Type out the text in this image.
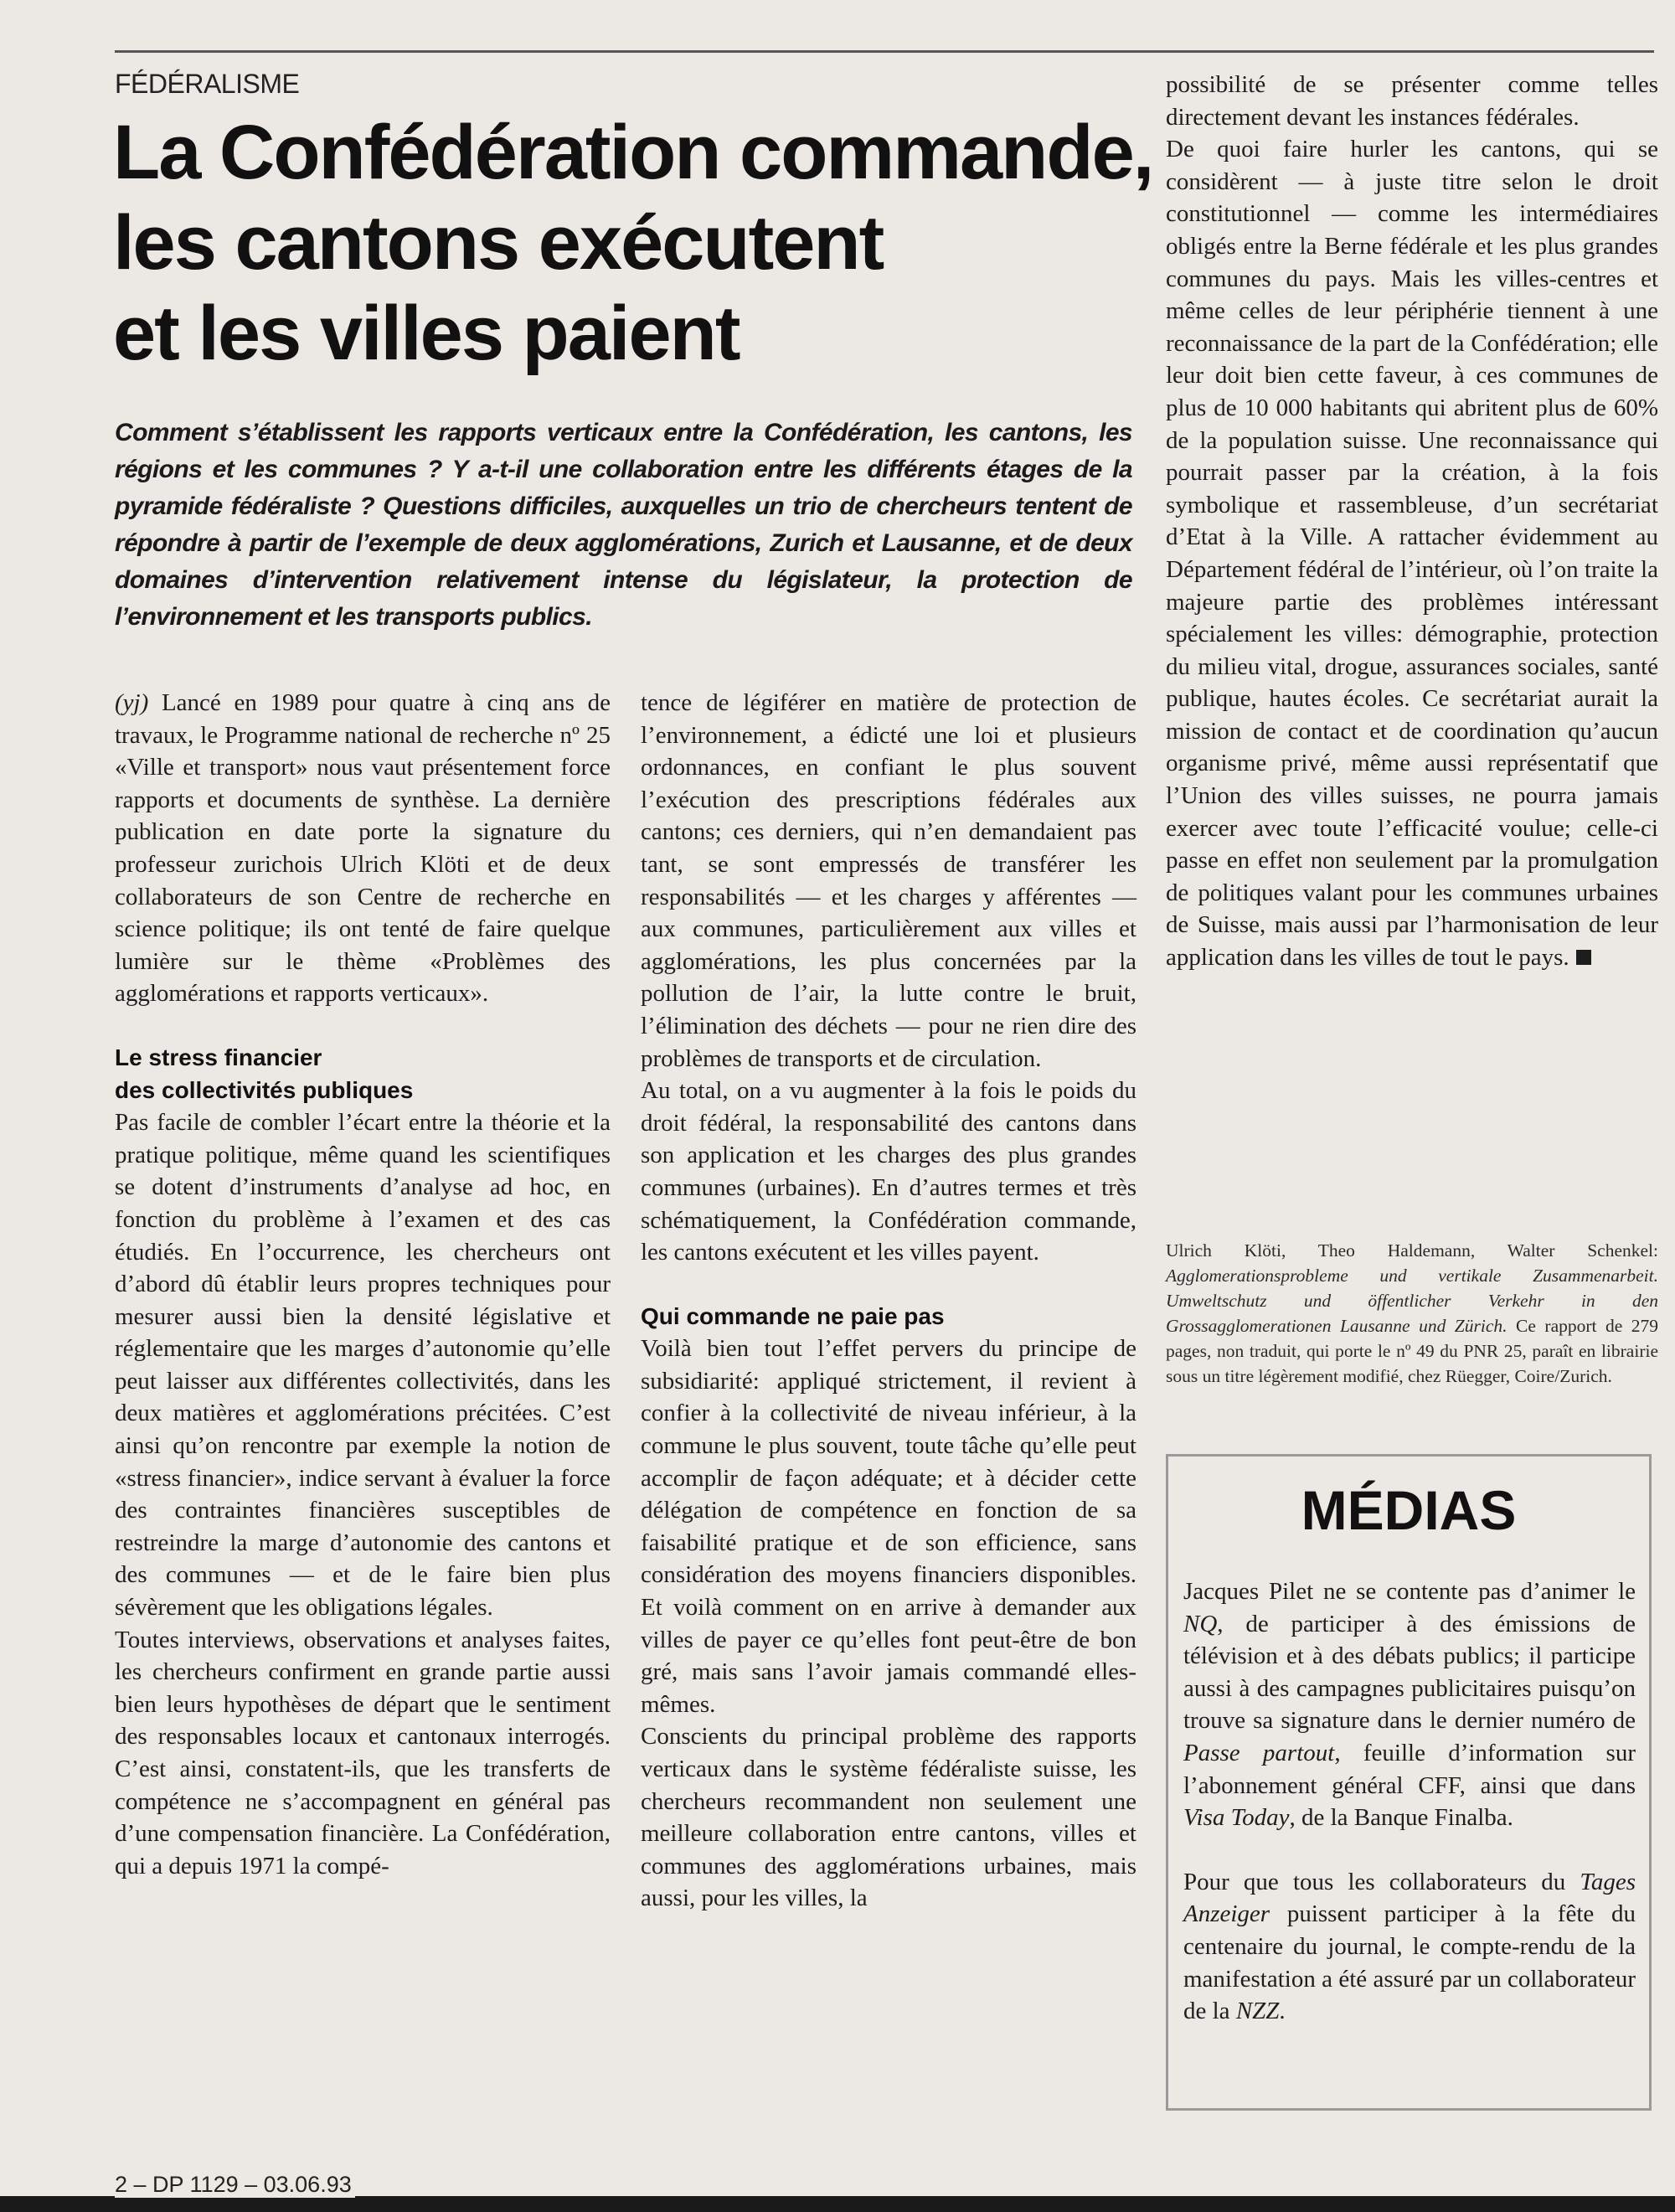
FÉDÉRALISME
La Confédération commande,
les cantons exécutent
et les villes paient

Comment s’établissent les rapports verticaux entre la Confédération, les cantons, les régions et les communes ? Y a-t-il une collaboration entre les différents étages de la pyramide fédéraliste ? Questions difficiles, auxquelles un trio de chercheurs tentent de répondre à partir de l’exemple de deux agglomérations, Zurich et Lausanne, et de deux domaines d’intervention relativement intense du législateur, la protection de l’environnement et les transports publics.

(yj) Lancé en 1989 pour quatre à cinq ans de travaux, le Programme national de recherche nº 25 «Ville et transport» nous vaut présentement force rapports et documents de synthèse. La dernière publication en date porte la signature du professeur zurichois Ulrich Klöti et de deux collaborateurs de son Centre de recherche en science politique; ils ont tenté de faire quelque lumière sur le thème «Problèmes des agglomérations et rapports verticaux».

Le stress financier
des collectivités publiques

Pas facile de combler l’écart entre la théorie et la pratique politique, même quand les scientifiques se dotent d’instruments d’analyse ad hoc, en fonction du problème à l’examen et des cas étudiés. En l’occurrence, les chercheurs ont d’abord dû établir leurs propres techniques pour mesurer aussi bien la densité législative et réglementaire que les marges d’autonomie qu’elle peut laisser aux différentes collectivités, dans les deux matières et agglomérations précitées. C’est ainsi qu’on rencontre par exemple la notion de «stress financier», indice servant à évaluer la force des contraintes financières susceptibles de restreindre la marge d’autonomie des cantons et des communes — et de le faire bien plus sévèrement que les obligations légales.

Toutes interviews, observations et analyses faites, les chercheurs confirment en grande partie aussi bien leurs hypothèses de départ que le sentiment des responsables locaux et cantonaux interrogés. C’est ainsi, constatent-ils, que les transferts de compétence ne s’accompagnent en général pas d’une compensation financière. La Confédération, qui a depuis 1971 la compé-

tence de légiférer en matière de protection de l’environnement, a édicté une loi et plusieurs ordonnances, en confiant le plus souvent l’exécution des prescriptions fédérales aux cantons; ces derniers, qui n’en demandaient pas tant, se sont empressés de transférer les responsabilités — et les charges y afférentes — aux communes, particulièrement aux villes et agglomérations, les plus concernées par la pollution de l’air, la lutte contre le bruit, l’élimination des déchets — pour ne rien dire des problèmes de transports et de circulation.

Au total, on a vu augmenter à la fois le poids du droit fédéral, la responsabilité des cantons dans son application et les charges des plus grandes communes (urbaines). En d’autres termes et très schématiquement, la Confédération commande, les cantons exécutent et les villes payent.

Qui commande ne paie pas

Voilà bien tout l’effet pervers du principe de subsidiarité: appliqué strictement, il revient à confier à la collectivité de niveau inférieur, à la commune le plus souvent, toute tâche qu’elle peut accomplir de façon adéquate; et à décider cette délégation de compétence en fonction de sa faisabilité pratique et de son efficience, sans considération des moyens financiers disponibles. Et voilà comment on en arrive à demander aux villes de payer ce qu’elles font peut-être de bon gré, mais sans l’avoir jamais commandé elles-mêmes.

Conscients du principal problème des rapports verticaux dans le système fédéraliste suisse, les chercheurs recommandent non seulement une meilleure collaboration entre cantons, villes et communes des agglomérations urbaines, mais aussi, pour les villes, la

possibilité de se présenter comme telles directement devant les instances fédérales.

De quoi faire hurler les cantons, qui se considèrent — à juste titre selon le droit constitutionnel — comme les intermédiaires obligés entre la Berne fédérale et les plus grandes communes du pays. Mais les villes-centres et même celles de leur périphérie tiennent à une reconnaissance de la part de la Confédération; elle leur doit bien cette faveur, à ces communes de plus de 10 000 habitants qui abritent plus de 60% de la population suisse. Une reconnaissance qui pourrait passer par la création, à la fois symbolique et rassembleuse, d’un secrétariat d’Etat à la Ville. A rattacher évidemment au Département fédéral de l’intérieur, où l’on traite la majeure partie des problèmes intéressant spécialement les villes: démographie, protection du milieu vital, drogue, assurances sociales, santé publique, hautes écoles. Ce secrétariat aurait la mission de contact et de coordination qu’aucun organisme privé, même aussi représentatif que l’Union des villes suisses, ne pourra jamais exercer avec toute l’efficacité voulue; celle-ci passe en effet non seulement par la promulgation de politiques valant pour les communes urbaines de Suisse, mais aussi par l’harmonisation de leur application dans les villes de tout le pays.

Ulrich Klöti, Theo Haldemann, Walter Schenkel: Agglomerationsprobleme und vertikale Zusammenarbeit. Umweltschutz und öffentlicher Verkehr in den Grossagglomerationen Lausanne und Zürich. Ce rapport de 279 pages, non traduit, qui porte le nº 49 du PNR 25, paraît en librairie sous un titre légèrement modifié, chez Rüegger, Coire/Zurich.

MÉDIAS

Jacques Pilet ne se contente pas d’animer le NQ, de participer à des émissions de télévision et à des débats publics; il participe aussi à des campagnes publicitaires puisqu’on trouve sa signature dans le dernier numéro de Passe partout, feuille d’information sur l’abonnement général CFF, ainsi que dans Visa Today, de la Banque Finalba.

Pour que tous les collaborateurs du Tages Anzeiger puissent participer à la fête du centenaire du journal, le compte-rendu de la manifestation a été assuré par un collaborateur de la NZZ.

2 – DP 1129 – 03.06.93
